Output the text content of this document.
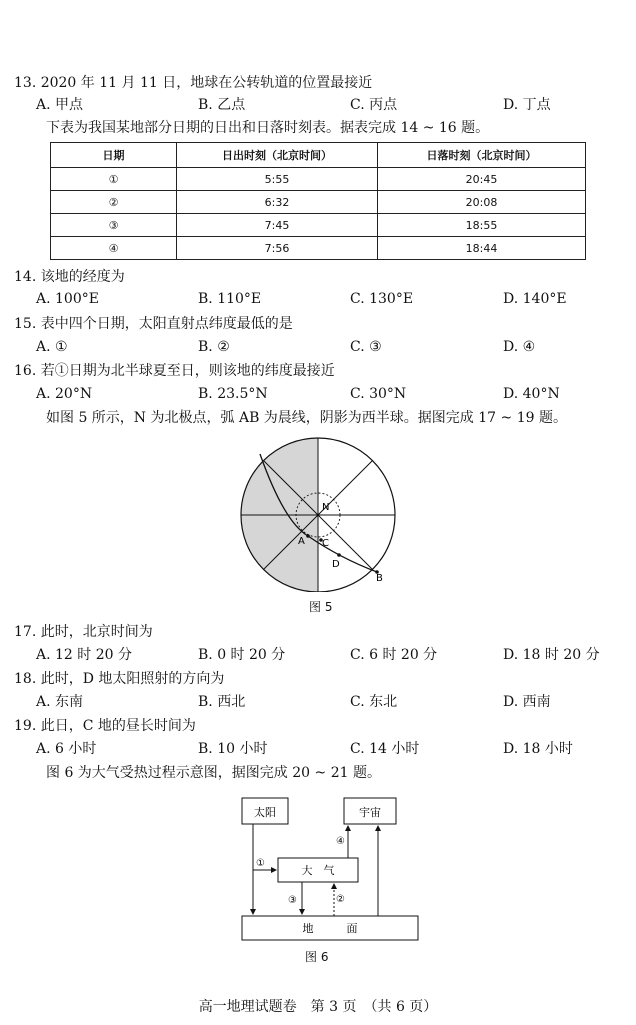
13. 2020 年 11 月 11 日，地球在公转轨道的位置最接近
A. 甲点	B. 乙点	C. 丙点	D. 丁点
下表为我国某地部分日期的日出和日落时刻表。据表完成 14 ~ 16 题。
日期	日出时刻（北京时间）	日落时刻（北京时间）
①	5:55	20:45
②	6:32	20:08
③	7:45	18:55
④	7:56	18:44
14. 该地的经度为
A. 100°E	B. 110°E	C. 130°E	D. 140°E
15. 表中四个日期，太阳直射点纬度最低的是
A. ①	B. ②	C. ③	D. ④
16. 若①日期为北半球夏至日，则该地的纬度最接近
A. 20°N	B. 23.5°N	C. 30°N	D. 40°N
如图 5 所示，N 为北极点，弧 AB 为晨线，阴影为西半球。据图完成 17 ~ 19 题。
N
A C
D
B
图 5
17. 此时，北京时间为
A. 12 时 20 分	B. 0 时 20 分	C. 6 时 20 分	D. 18 时 20 分
18. 此时，D 地太阳照射的方向为
A. 东南	B. 西北	C. 东北	D. 西南
19. 此日，C 地的昼长时间为
A. 6 小时	B. 10 小时	C. 14 小时	D. 18 小时
图 6 为大气受热过程示意图，据图完成 20 ~ 21 题。
太阳	宇宙
大　气
地　　　面
①
②
③
④
图 6
高一地理试题卷　第 3 页　（共 6 页）
